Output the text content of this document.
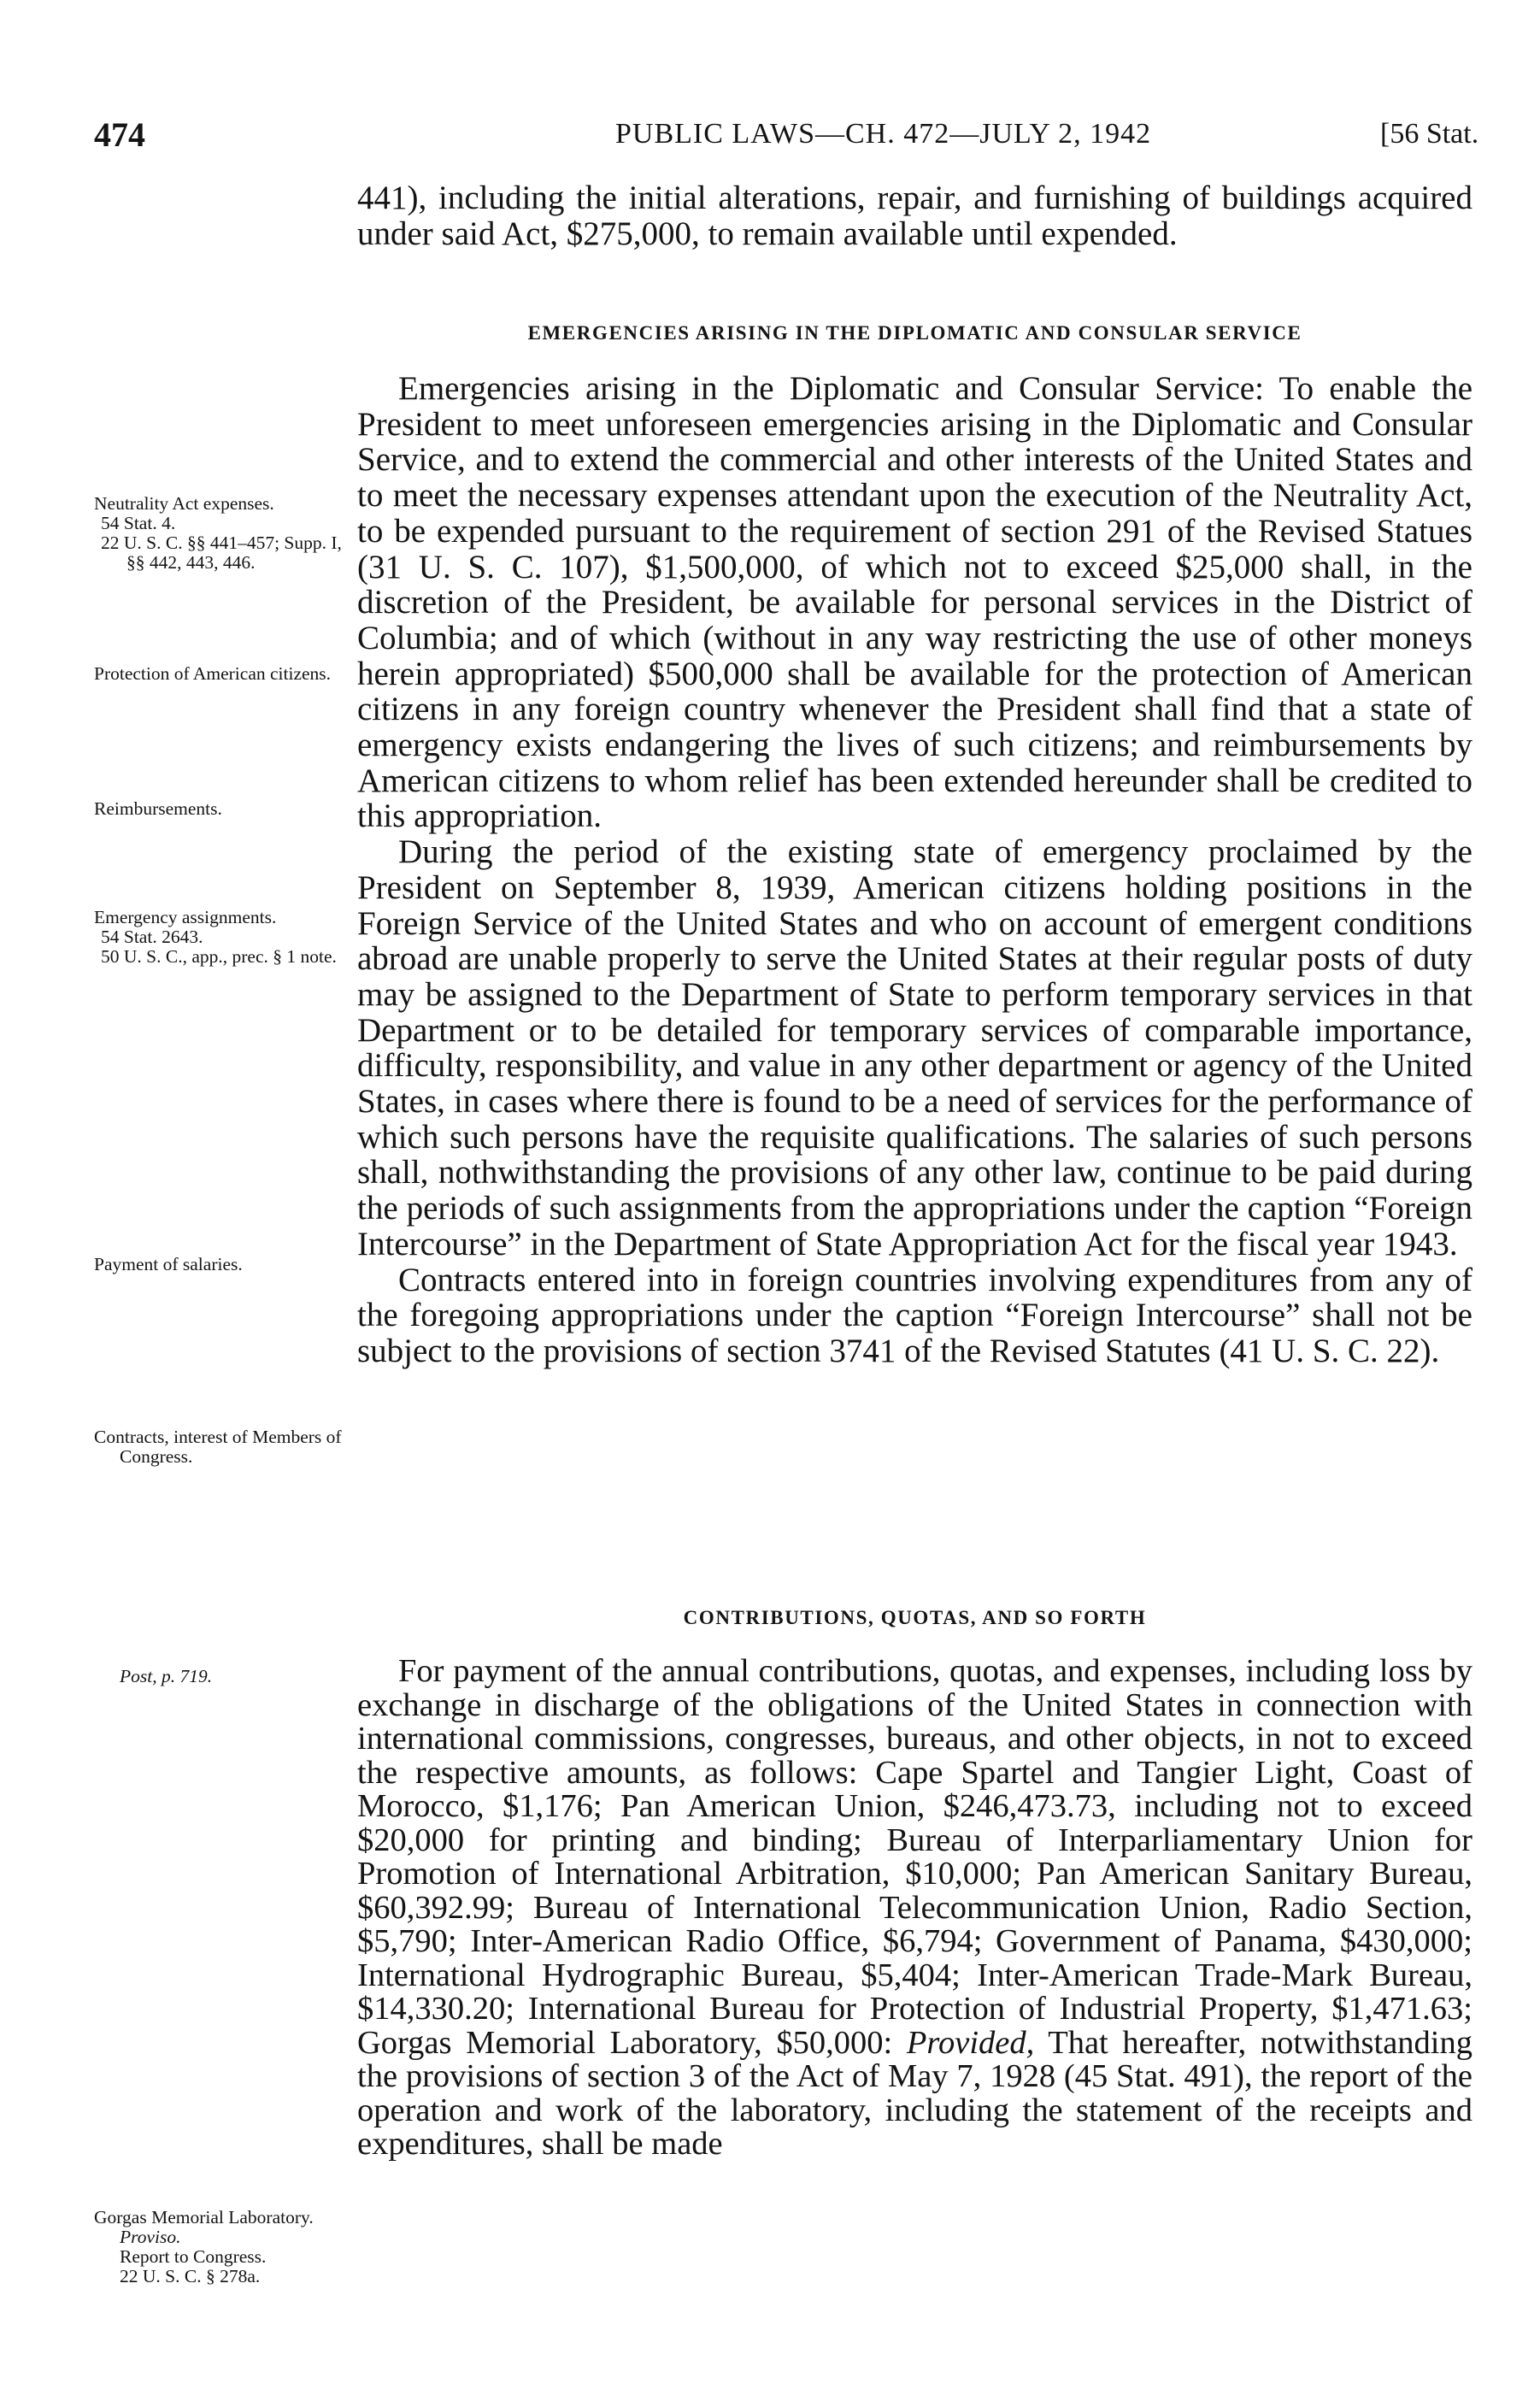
474	PUBLIC LAWS—CH. 472—JULY 2, 1942	[56 Stat.

441), including the initial alterations, repair, and furnishing of buildings acquired under said Act, $275,000, to remain available until expended.

EMERGENCIES ARISING IN THE DIPLOMATIC AND CONSULAR SERVICE

Emergencies arising in the Diplomatic and Consular Service: To enable the President to meet unforeseen emergencies arising in the Diplomatic and Consular Service, and to extend the commercial and other interests of the United States and to meet the necessary expenses attendant upon the execution of the Neutrality Act, to be expended pursuant to the requirement of section 291 of the Revised Statues (31 U. S. C. 107), $1,500,000, of which not to exceed $25,000 shall, in the discretion of the President, be available for personal services in the District of Columbia; and of which (without in any way restricting the use of other moneys herein appropriated) $500,000 shall be available for the protection of American citizens in any foreign country whenever the President shall find that a state of emergency exists endangering the lives of such citizens; and reimbursements by American citizens to whom relief has been extended hereunder shall be credited to this appropriation.

During the period of the existing state of emergency proclaimed by the President on September 8, 1939, American citizens holding positions in the Foreign Service of the United States and who on account of emergent conditions abroad are unable properly to serve the United States at their regular posts of duty may be assigned to the Department of State to perform temporary services in that Department or to be detailed for temporary services of comparable importance, difficulty, responsibility, and value in any other department or agency of the United States, in cases where there is found to be a need of services for the performance of which such persons have the requisite qualifications. The salaries of such persons shall, nothwithstanding the provisions of any other law, continue to be paid during the periods of such assignments from the appropriations under the caption “Foreign Intercourse” in the Department of State Appropriation Act for the fiscal year 1943.

Contracts entered into in foreign countries involving expenditures from any of the foregoing appropriations under the caption “Foreign Intercourse” shall not be subject to the provisions of section 3741 of the Revised Statutes (41 U. S. C. 22).

CONTRIBUTIONS, QUOTAS, AND SO FORTH

For payment of the annual contributions, quotas, and expenses, including loss by exchange in discharge of the obligations of the United States in connection with international commissions, congresses, bureaus, and other objects, in not to exceed the respective amounts, as follows: Cape Spartel and Tangier Light, Coast of Morocco, $1,176; Pan American Union, $246,473.73, including not to exceed $20,000 for printing and binding; Bureau of Interparliamentary Union for Promotion of International Arbitration, $10,000; Pan American Sanitary Bureau, $60,392.99; Bureau of International Telecommunication Union, Radio Section, $5,790; Inter-American Radio Office, $6,794; Government of Panama, $430,000; International Hydrographic Bureau, $5,404; Inter-American Trade-Mark Bureau, $14,330.20; International Bureau for Protection of Industrial Property, $1,471.63; Gorgas Memorial Laboratory, $50,000: Provided, That hereafter, notwithstanding the provisions of section 3 of the Act of May 7, 1928 (45 Stat. 491), the report of the operation and work of the laboratory, including the statement of the receipts and expenditures, shall be made

Neutrality Act expenses.
54 Stat. 4.
22 U. S. C. §§ 441–457; Supp. I, §§ 442, 443, 446.
Protection of American citizens.
Reimbursements.
Emergency assignments.
54 Stat. 2643.
50 U. S. C., app., prec. § 1 note.
Payment of salaries.
Contracts, interest of Members of Congress.
Post, p. 719.
Gorgas Memorial Laboratory.
Proviso.
Report to Congress.
22 U. S. C. § 278a.
